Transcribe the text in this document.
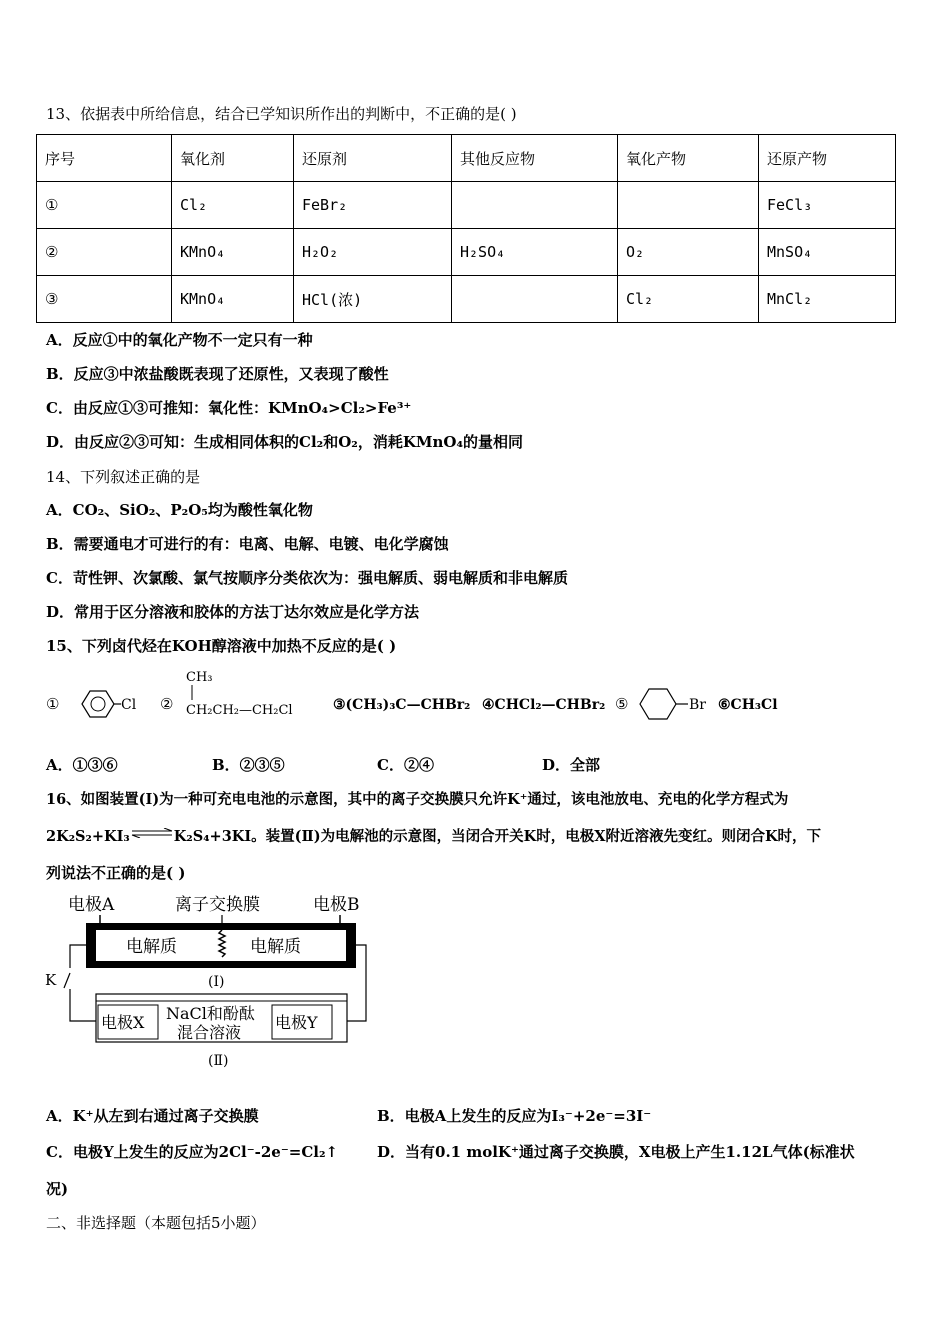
13、依据表中所给信息，结合已学知识所作出的判断中，不正确的是( )
序号	氧化剂	还原剂	其他反应物	氧化产物	还原产物
①	Cl₂	FeBr₂			FeCl₃
②	KMnO₄	H₂O₂	H₂SO₄	O₂	MnSO₄
③	KMnO₄	HCl(浓)		Cl₂	MnCl₂
A．反应①中的氧化产物不一定只有一种
B．反应③中浓盐酸既表现了还原性，又表现了酸性
C．由反应①③可推知：氧化性：KMnO₄>Cl₂>Fe³⁺
D．由反应②③可知：生成相同体积的Cl₂和O₂，消耗KMnO₄的量相同
14、下列叙述正确的是
A．CO₂、SiO₂、P₂O₅均为酸性氧化物
B．需要通电才可进行的有：电离、电解、电镀、电化学腐蚀
C．苛性钾、次氯酸、氯气按顺序分类依次为：强电解质、弱电解质和非电解质
D．常用于区分溶液和胶体的方法丁达尔效应是化学方法
15、下列卤代烃在KOH醇溶液中加热不反应的是( )
①	Cl ②
CH₃
CH₂CH₂—CH₂Cl	③(CH₃)₃C—CHBr₂ ④CHCl₂—CHBr₂ ⑤	Br ⑥CH₃Cl
A．①③⑥	B．②③⑤	C．②④	D．全部
16、如图装置(Ⅰ)为一种可充电电池的示意图，其中的离子交换膜只允许K⁺通过，该电池放电、充电的化学方程式为
2K₂S₂+KI₃⇌K₂S₄+3KI。装置(Ⅱ)为电解池的示意图，当闭合开关K时，电极X附近溶液先变红。则闭合K时，下
列说法不正确的是( )
电极A	离子交换膜	电极B
电解质	电解质
(Ⅰ)
K
电极X NaCl和酚酞
混合溶液
电极Y
(Ⅱ)
A．K⁺从左到右通过离子交换膜	B．电极A上发生的反应为I₃⁻+2e⁻=3I⁻
C．电极Y上发生的反应为2Cl⁻-2e⁻=Cl₂↑	D．当有0.1 molK⁺通过离子交换膜，X电极上产生1.12L气体(标准状
况)
二、非选择题（本题包括5小题）
